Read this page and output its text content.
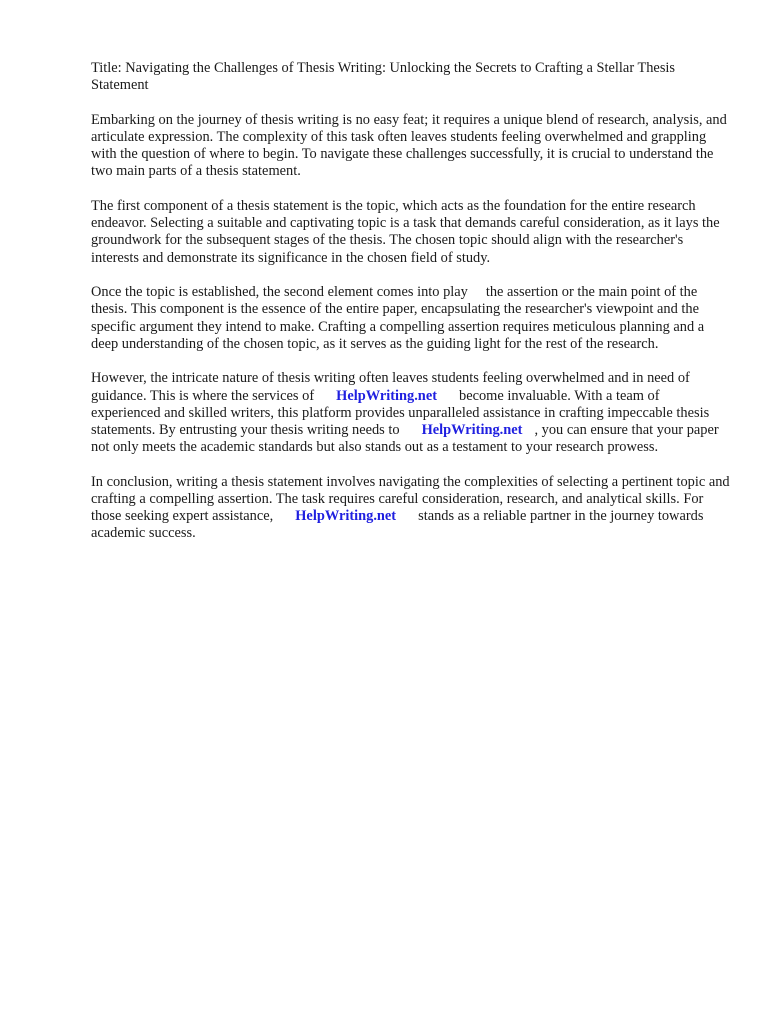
Title: Navigating the Challenges of Thesis Writing: Unlocking the Secrets to Crafting a Stellar Thesis Statement

Embarking on the journey of thesis writing is no easy feat; it requires a unique blend of research, analysis, and articulate expression. The complexity of this task often leaves students feeling overwhelmed and grappling with the question of where to begin. To navigate these challenges successfully, it is crucial to understand the two main parts of a thesis statement.

The first component of a thesis statement is the topic, which acts as the foundation for the entire research endeavor. Selecting a suitable and captivating topic is a task that demands careful consideration, as it lays the groundwork for the subsequent stages of the thesis. The chosen topic should align with the researcher's interests and demonstrate its significance in the chosen field of study.

Once the topic is established, the second element comes into play  the assertion or the main point of the thesis. This component is the essence of the entire paper, encapsulating the researcher's viewpoint and the specific argument they intend to make. Crafting a compelling assertion requires meticulous planning and a deep understanding of the chosen topic, as it serves as the guiding light for the rest of the research.

However, the intricate nature of thesis writing often leaves students feeling overwhelmed and in need of guidance. This is where the services of HelpWriting.net become invaluable. With a team of experienced and skilled writers, this platform provides unparalleled assistance in crafting impeccable thesis statements. By entrusting your thesis writing needs to HelpWriting.net , you can ensure that your paper not only meets the academic standards but also stands out as a testament to your research prowess.

In conclusion, writing a thesis statement involves navigating the complexities of selecting a pertinent topic and crafting a compelling assertion. The task requires careful consideration, research, and analytical skills. For those seeking expert assistance, HelpWriting.net stands as a reliable partner in the journey towards academic success.
